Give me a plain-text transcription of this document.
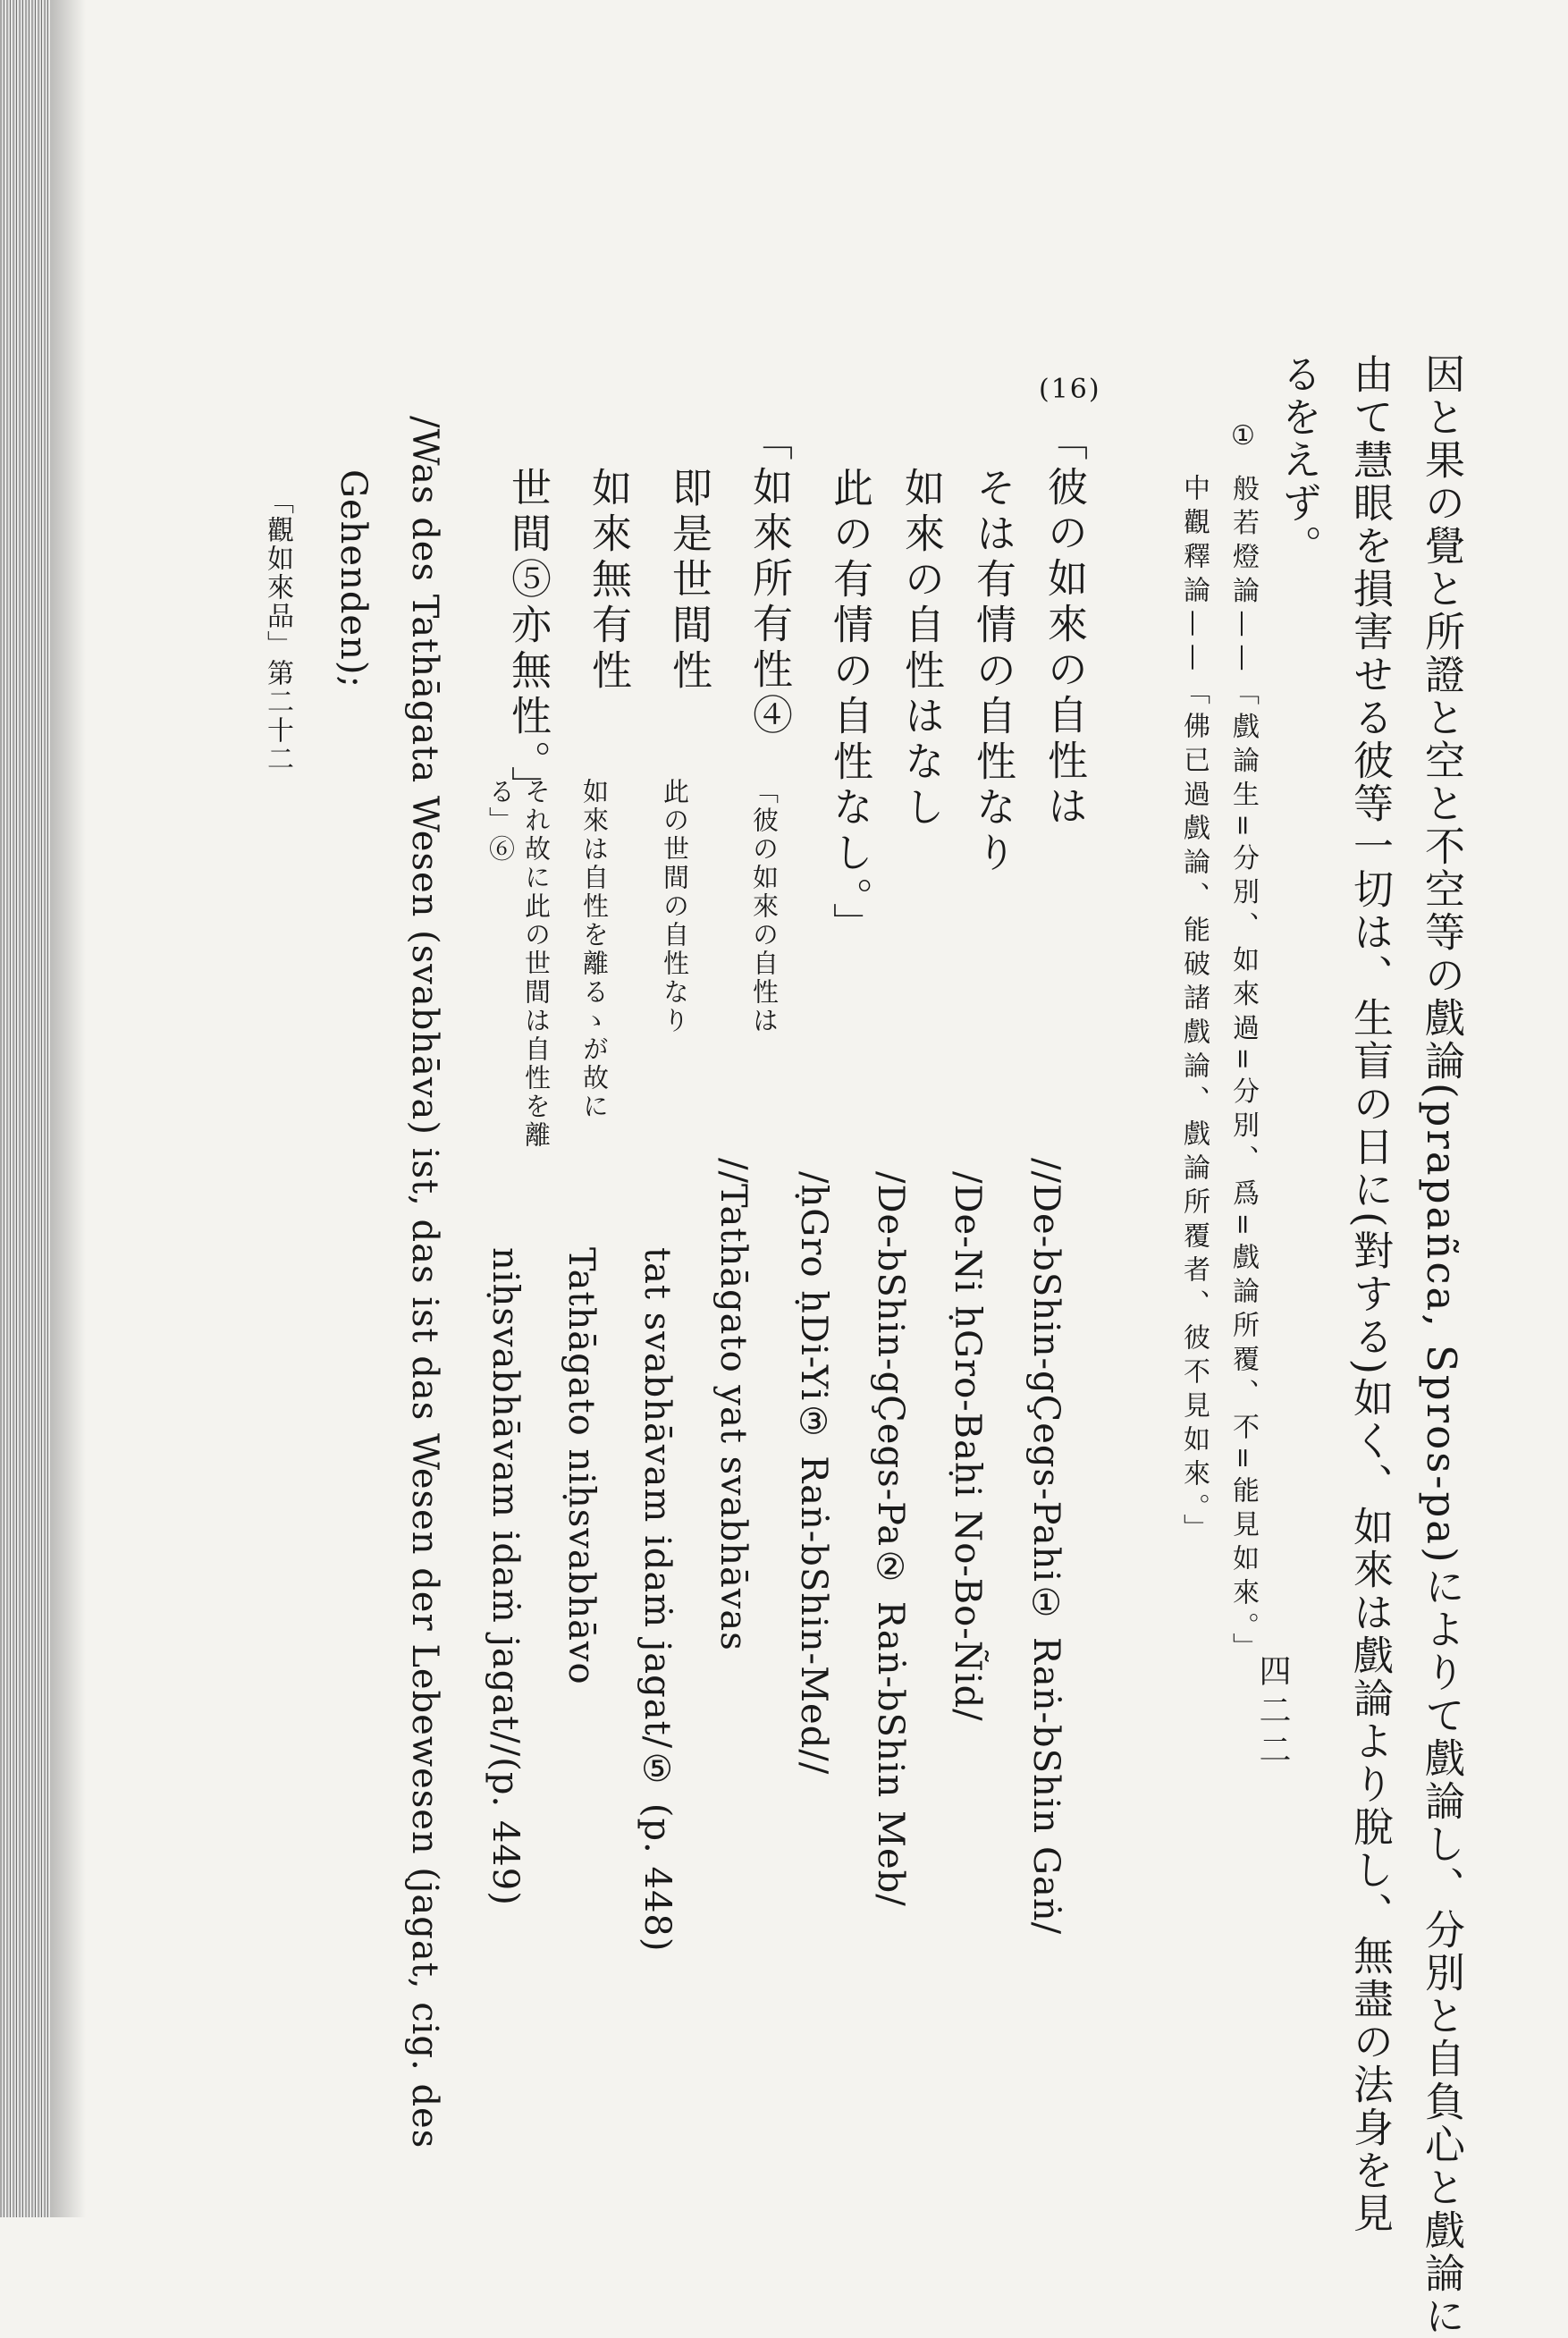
因と果の覺と所證と空と不空等の戲論(prapañca, Spros-pa)によりて戲論し、分別と自負心と戲論に
由て慧眼を損害せる彼等一切は、生盲の日に(對する)如く、如來は戲論より脫し、無盡の法身を見
るをえず。
① 般若燈論——「戲論生=分別、如來過=分別、爲=戲論所覆、不=能見如來。」
中觀釋論——「佛已過戲論、能破諸戲論、戲論所覆者、彼不見如來。」
(16)
「彼の如來の自性は
そは有情の自性なり
如來の自性はなし
此の有情の自性なし。」
「如來所有性④
即是世間性
如來無有性
世間⑤亦無性。」
「彼の如來の自性は
此の世間の自性なり
如來は自性を離るゝが故に
それ故に此の世間は自性を離
る」⑥
//De-bShin-gÇegs-Pahi① Raṅ-bShin Gaṅ/
/De-Ni ḥGro-Baḥi No-Bo-Ñid/
/De-bShin-gÇegs-Pa② Raṅ-bShin Meb/
/ḥGro ḥDi-Yi③ Raṅ-bShin-Med//
//Tathāgato yat svabhāvas
tat svabhāvam idaṁ jagat/⑤ (p. 448)
Tathāgato niḥsvabhāvo
niḥsvabhāvam idaṁ jagat//(p. 449)
/Was des Tathāgata Wesen (svabhāva) ist, das ist das Wesen der Lebewesen (jagat, cig. des
Gehenden);
「觀如來品」第二十二
四二二
